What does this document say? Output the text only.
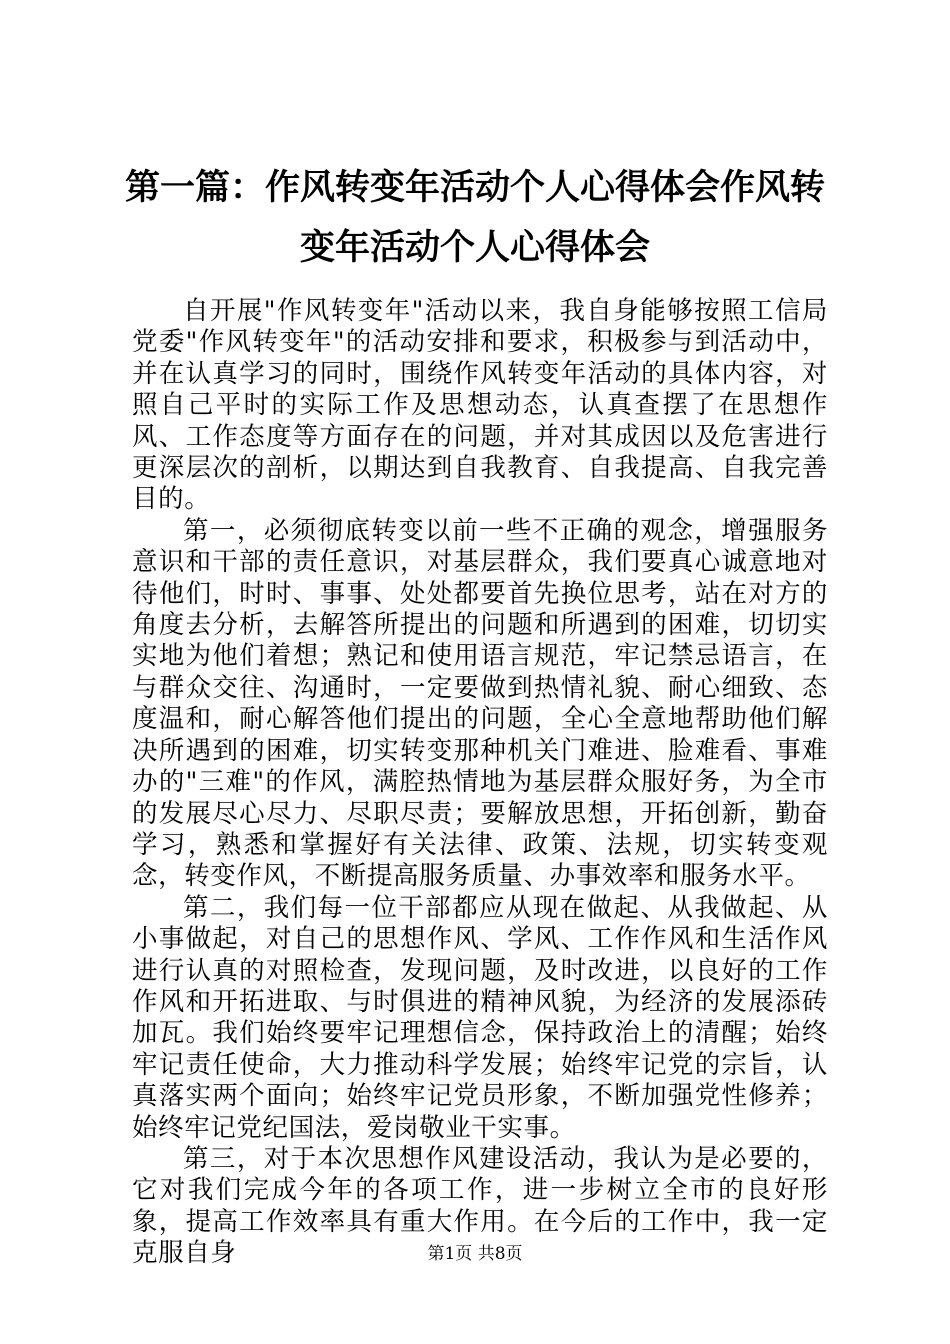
第一篇：作风转变年活动个人心得体会作风转变年活动个人心得体会

自开展"作风转变年"活动以来，我自身能够按照工信局党委"作风转变年"的活动安排和要求，积极参与到活动中，并在认真学习的同时，围绕作风转变年活动的具体内容，对照自己平时的实际工作及思想动态，认真查摆了在思想作风、工作态度等方面存在的问题，并对其成因以及危害进行更深层次的剖析，以期达到自我教育、自我提高、自我完善目的。

第一，必须彻底转变以前一些不正确的观念，增强服务意识和干部的责任意识，对基层群众，我们要真心诚意地对待他们，时时、事事、处处都要首先换位思考，站在对方的角度去分析，去解答所提出的问题和所遇到的困难，切切实实地为他们着想；熟记和使用语言规范，牢记禁忌语言，在与群众交往、沟通时，一定要做到热情礼貌、耐心细致、态度温和，耐心解答他们提出的问题，全心全意地帮助他们解决所遇到的困难，切实转变那种机关门难进、脸难看、事难办的"三难"的作风，满腔热情地为基层群众服好务，为全市的发展尽心尽力、尽职尽责；要解放思想，开拓创新，勤奋学习，熟悉和掌握好有关法律、政策、法规，切实转变观念，转变作风，不断提高服务质量、办事效率和服务水平。

第二，我们每一位干部都应从现在做起、从我做起、从小事做起，对自己的思想作风、学风、工作作风和生活作风进行认真的对照检查，发现问题，及时改进，以良好的工作作风和开拓进取、与时俱进的精神风貌，为经济的发展添砖加瓦。我们始终要牢记理想信念，保持政治上的清醒；始终牢记责任使命，大力推动科学发展；始终牢记党的宗旨，认真落实两个面向；始终牢记党员形象，不断加强党性修养；始终牢记党纪国法，爱岗敬业干实事。

第三，对于本次思想作风建设活动，我认为是必要的，它对我们完成今年的各项工作，进一步树立全市的良好形象，提高工作效率具有重大作用。在今后的工作中，我一定克服自身	第1页 共8页
